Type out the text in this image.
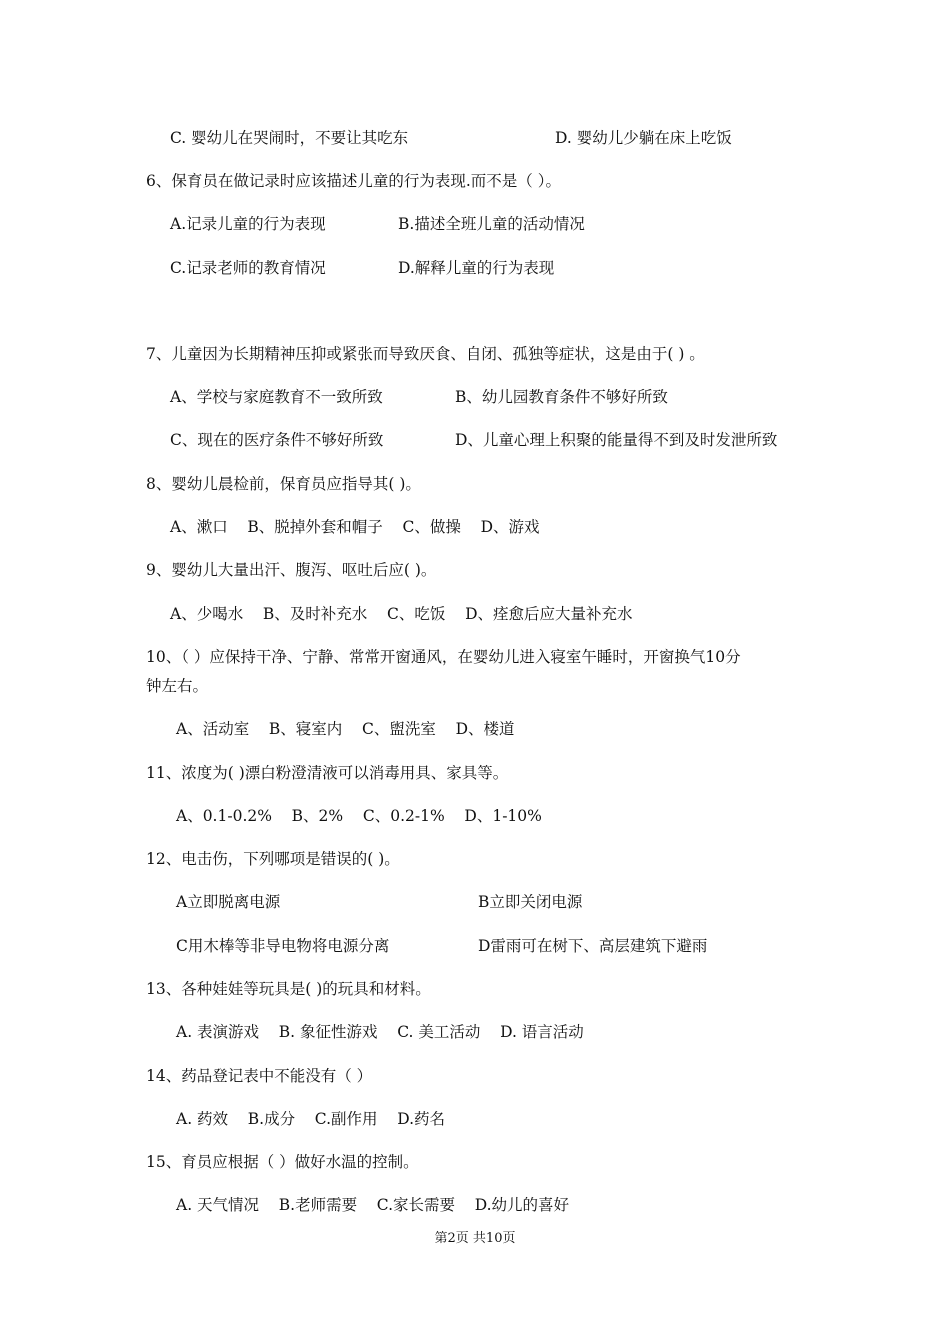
C. 婴幼儿在哭闹时，不要让其吃东	D. 婴幼儿少躺在床上吃饭
6、保育员在做记录时应该描述儿童的行为表现.而不是（ ）。
A.记录儿童的行为表现	B.描述全班儿童的活动情况
C.记录老师的教育情况	D.解释儿童的行为表现
7、儿童因为长期精神压抑或紧张而导致厌食、自闭、孤独等症状，这是由于( ) 。
A、学校与家庭教育不一致所致	B、幼儿园教育条件不够好所致
C、现在的医疗条件不够好所致	D、儿童心理上积聚的能量得不到及时发泄所致
8、婴幼儿晨检前，保育员应指导其( )。
A、漱口    B、脱掉外套和帽子    C、做操    D、游戏
9、婴幼儿大量出汗、腹泻、呕吐后应( )。
A、少喝水    B、及时补充水    C、吃饭    D、痊愈后应大量补充水
10、（ ）应保持干净、宁静、常常开窗通风，在婴幼儿进入寝室午睡时，开窗换气10分
钟左右。
A、活动室    B、寝室内    C、盥洗室    D、楼道
11、浓度为( )漂白粉澄清液可以消毒用具、家具等。
A、0.1-0.2%    B、2%    C、0.2-1%    D、1-10%
12、电击伤，下列哪项是错误的( )。
A立即脱离电源	B立即关闭电源
C用木棒等非导电物将电源分离	D雷雨可在树下、高层建筑下避雨
13、各种娃娃等玩具是( )的玩具和材料。
A. 表演游戏    B. 象征性游戏    C. 美工活动    D. 语言活动
14、药品登记表中不能没有（ ）
A. 药效    B.成分    C.副作用    D.药名
15、育员应根据（ ）做好水温的控制。
A. 天气情况    B.老师需要    C.家长需要    D.幼儿的喜好
第2页 共10页
